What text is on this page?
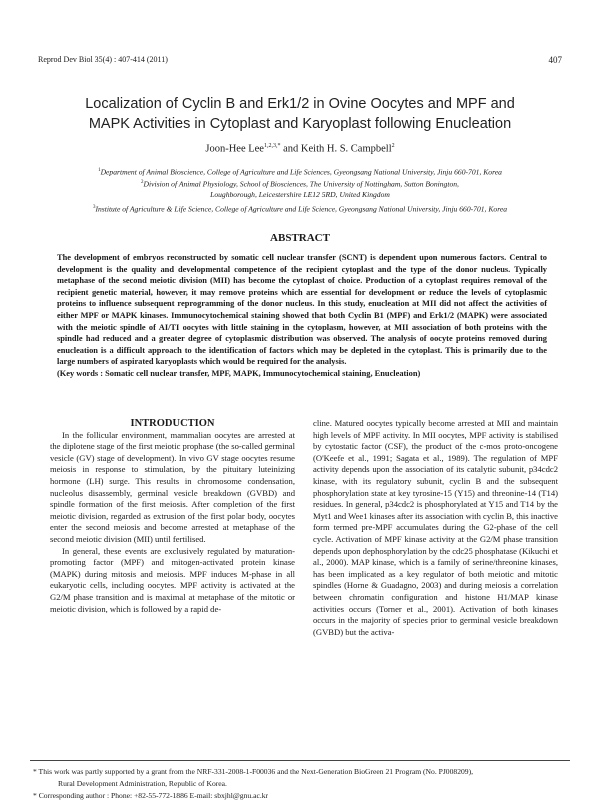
Reprod Dev Biol 35(4) : 407-414 (2011)	407
Localization of Cyclin B and Erk1/2 in Ovine Oocytes and MPF and
MAPK Activities in Cytoplast and Karyoplast following Enucleation
Joon-Hee Lee$^{1,2,3,*}$ and Keith H. S. Campbell$^2$
$^1$Department of Animal Bioscience, College of Agriculture and Life Sciences, Gyeongsang National University, Jinju 660-701, Korea
$^2$Division of Animal Physiology, School of Biosciences, The University of Nottingham, Sutton Bonington,
Loughborough, Leicestershire LE12 5RD, United Kingdom
$^3$Institute of Agriculture & Life Science, College of Agriculture and Life Science, Gyeongsang National University, Jinju 660-701, Korea
ABSTRACT
The development of embryos reconstructed by somatic cell nuclear transfer (SCNT) is dependent upon numerous factors. Central to development is the quality and developmental competence of the recipient cytoplast and the type of the donor nucleus. Typically metaphase of the second meiotic division (MII) has become the cytoplast of choice. Production of a cytoplast requires removal of the recipient genetic material, however, it may remove proteins which are essential for development or reduce the levels of cytoplasmic proteins to influence subsequent reprogramming of the donor nucleus. In this study, enucleation at MII did not affect the activities of either MPF or MAPK kinases. Immunocytochemical staining showed that both Cyclin B1 (MPF) and Erk1/2 (MAPK) were associated with the meiotic spindle of AI/TI oocytes with little staining in the cytoplasm, however, at MII association of both proteins with the spindle had reduced and a greater degree of cytoplasmic distribution was observed. The analysis of oocyte proteins removed during enucleation is a difficult approach to the identification of factors which may be depleted in the cytoplast. This is primarily due to the large numbers of aspirated karyoplasts which would be required for the analysis.
(Key words : Somatic cell nuclear transfer, MPF, MAPK, Immunocytochemical staining, Enucleation)

INTRODUCTION

In the follicular environment, mammalian oocytes are arrested at the diplotene stage of the first meiotic prophase (the so-called germinal vesicle (GV) stage of development). In vivo GV stage oocytes resume meiosis in response to stimulation, by the pituitary luteinizing hormone (LH) surge. This results in chromosome condensation, nucleolus disassembly, germinal vesicle breakdown (GVBD) and spindle formation of the first meiosis. After completion of the first meiotic division, regarded as extrusion of the first polar body, oocytes enter the second meiosis and become arrested at metaphase of the second meiotic division (MII) until fertilised.

In general, these events are exclusively regulated by maturation-promoting factor (MPF) and mitogen-activated protein kinase (MAPK) during mitosis and meiosis. MPF induces M-phase in all eukaryotic cells, including oocytes. MPF activity is activated at the G2/M phase transition and is maximal at metaphase of the mitotic or meiotic division, which is followed by a rapid de-

cline. Matured oocytes typically become arrested at MII and maintain high levels of MPF activity. In MII oocytes, MPF activity is stabilised by cytostatic factor (CSF), the product of the c-mos proto-oncogene (O'Keefe et al., 1991; Sagata et al., 1989). The regulation of MPF activity depends upon the association of its catalytic subunit, p34cdc2 kinase, with its regulatory subunit, cyclin B and the subsequent phosphorylation state at key tyrosine-15 (Y15) and threonine-14 (T14) residues. In general, p34cdc2 is phosphorylated at Y15 and T14 by the Myt1 and Wee1 kinases after its association with cyclin B, this inactive form termed pre-MPF accumulates during the G2-phase of the cell cycle. Activation of MPF kinase activity at the G2/M phase transition depends upon dephosphorylation by the cdc25 phosphatase (Kikuchi et al., 2000). MAP kinase, which is a family of serine/threonine kinases, has been implicated as a key regulator of both meiotic and mitotic spindles (Horne & Guadagno, 2003) and during meiosis a correlation between chromatin configuration and histone H1/MAP kinase activities occurs (Torner et al., 2001). Activation of both kinases occurs in the majority of species prior to germinal vesicle breakdown (GVBD) but the activa-

* This work was partly supported by a grant from the NRF-331-2008-1-F00036 and the Next-Generation BioGreen 21 Program (No. PJ008209),
Rural Development Administration, Republic of Korea.
* Corresponding author : Phone: +82-55-772-1886 E-mail: sbxjhl@gnu.ac.kr
